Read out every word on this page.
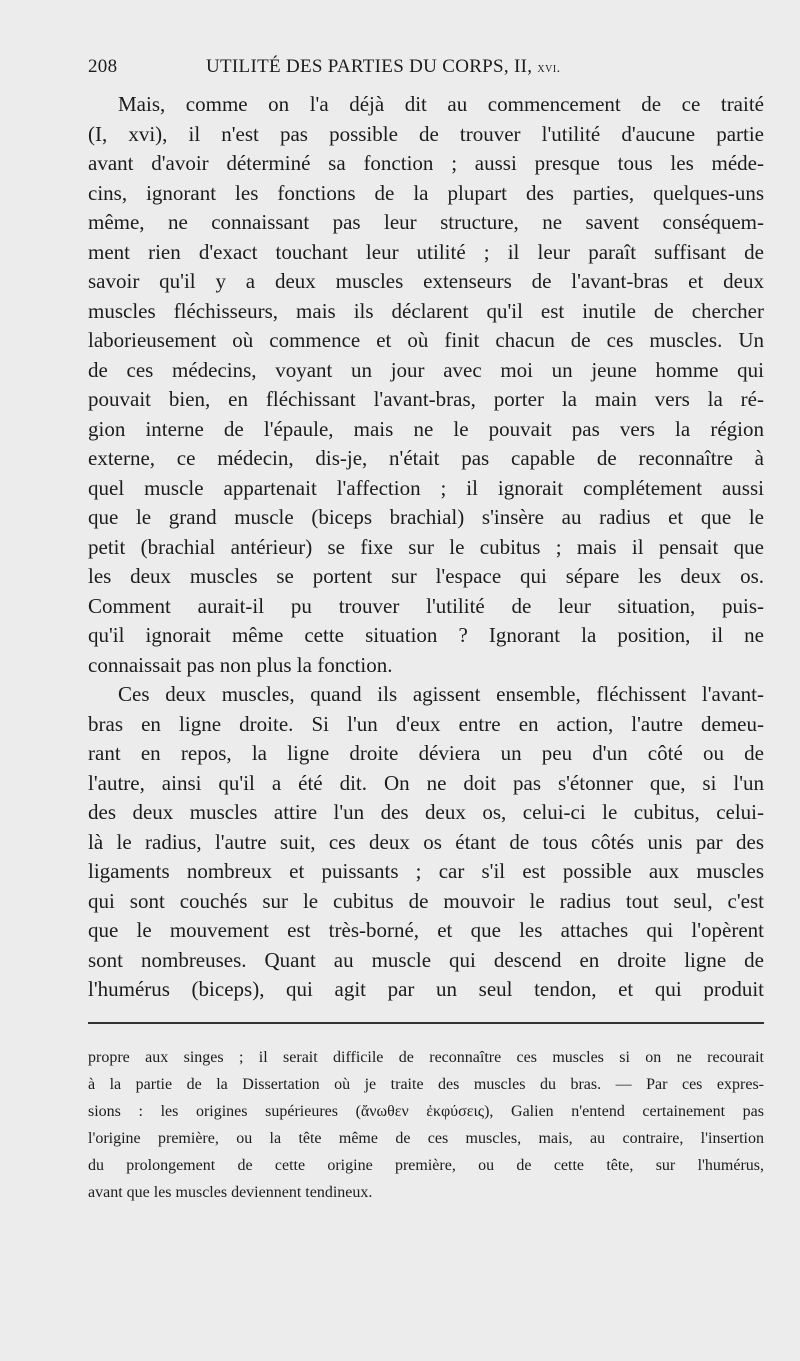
208	UTILITÉ DES PARTIES DU CORPS, II, xvi.
Mais, comme on l'a déjà dit au commencement de ce traité
(I, xvi), il n'est pas possible de trouver l'utilité d'aucune partie
avant d'avoir déterminé sa fonction ; aussi presque tous les méde-
cins, ignorant les fonctions de la plupart des parties, quelques-uns
même, ne connaissant pas leur structure, ne savent conséquem-
ment rien d'exact touchant leur utilité ; il leur paraît suffisant de
savoir qu'il y a deux muscles extenseurs de l'avant-bras et deux
muscles fléchisseurs, mais ils déclarent qu'il est inutile de chercher
laborieusement où commence et où finit chacun de ces muscles. Un
de ces médecins, voyant un jour avec moi un jeune homme qui
pouvait bien, en fléchissant l'avant-bras, porter la main vers la ré-
gion interne de l'épaule, mais ne le pouvait pas vers la région
externe, ce médecin, dis-je, n'était pas capable de reconnaître à
quel muscle appartenait l'affection ; il ignorait complétement aussi
que le grand muscle (biceps brachial) s'insère au radius et que le
petit (brachial antérieur) se fixe sur le cubitus ; mais il pensait que
les deux muscles se portent sur l'espace qui sépare les deux os.
Comment aurait-il pu trouver l'utilité de leur situation, puis-
qu'il ignorait même cette situation ? Ignorant la position, il ne
connaissait pas non plus la fonction.
Ces deux muscles, quand ils agissent ensemble, fléchissent l'avant-
bras en ligne droite. Si l'un d'eux entre en action, l'autre demeu-
rant en repos, la ligne droite déviera un peu d'un côté ou de
l'autre, ainsi qu'il a été dit. On ne doit pas s'étonner que, si l'un
des deux muscles attire l'un des deux os, celui-ci le cubitus, celui-
là le radius, l'autre suit, ces deux os étant de tous côtés unis par des
ligaments nombreux et puissants ; car s'il est possible aux muscles
qui sont couchés sur le cubitus de mouvoir le radius tout seul, c'est
que le mouvement est très-borné, et que les attaches qui l'opèrent
sont nombreuses. Quant au muscle qui descend en droite ligne de
l'humérus (biceps), qui agit par un seul tendon, et qui produit
propre aux singes ; il serait difficile de reconnaître ces muscles si on ne recourait
à la partie de la Dissertation où je traite des muscles du bras. — Par ces expres-
sions : les origines supérieures (ἄνωθεν ἐκφύσεις), Galien n'entend certainement pas
l'origine première, ou la tête même de ces muscles, mais, au contraire, l'insertion
du prolongement de cette origine première, ou de cette tête, sur l'humérus,
avant que les muscles deviennent tendineux.
